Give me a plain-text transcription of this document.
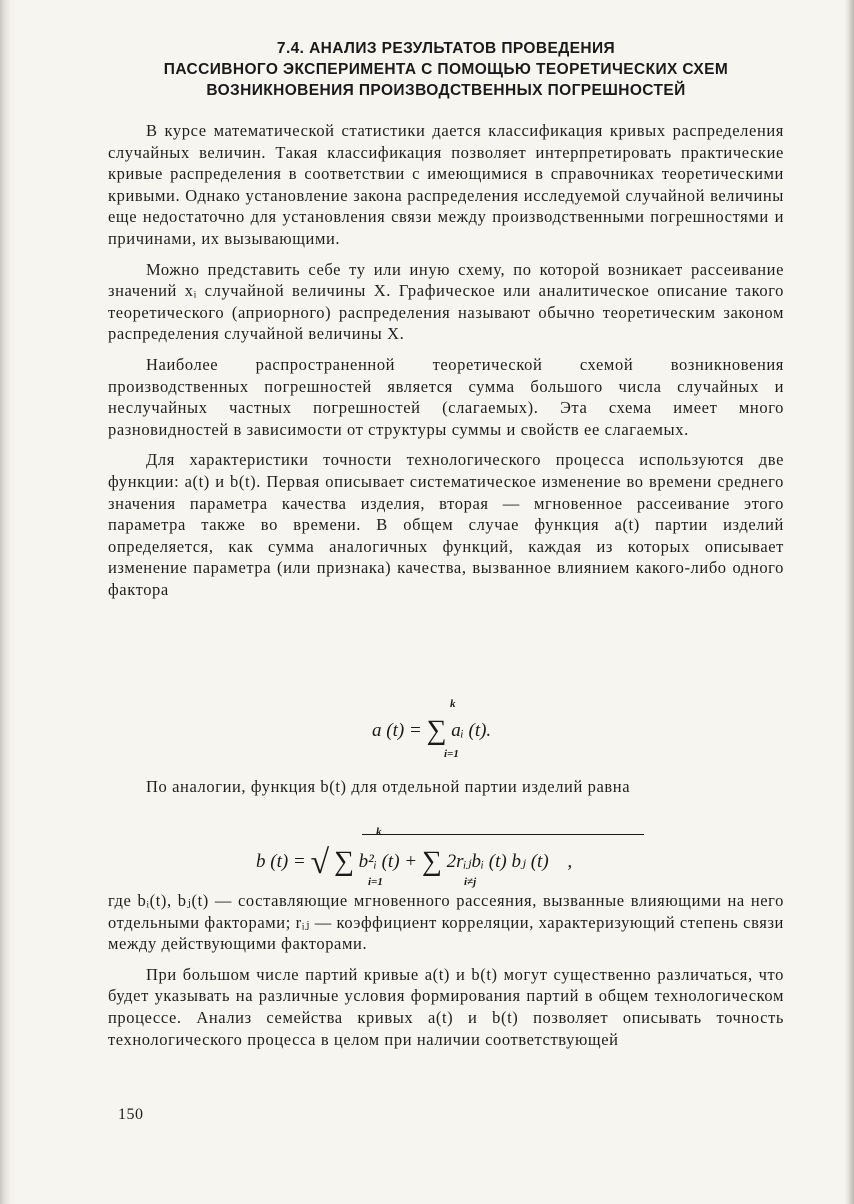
7.4. АНАЛИЗ РЕЗУЛЬТАТОВ ПРОВЕДЕНИЯ
ПАССИВНОГО ЭКСПЕРИМЕНТА С ПОМОЩЬЮ ТЕОРЕТИЧЕСКИХ СХЕМ
ВОЗНИКНОВЕНИЯ ПРОИЗВОДСТВЕННЫХ ПОГРЕШНОСТЕЙ

В курсе математической статистики дается классификация кривых распределения случайных величин. Такая классификация позволяет интерпретировать практические кривые распределения в соответствии с имеющимися в справочниках теоретическими кривыми. Однако установление закона распределения исследуемой случайной величины еще недостаточно для установления связи между производственными погрешностями и причинами, их вызывающими.

Можно представить себе ту или иную схему, по которой возникает рассеивание значений xᵢ случайной величины X. Графическое или аналитическое описание такого теоретического (априорного) распределения называют обычно теоретическим законом распределения случайной величины X.

Наиболее распространенной теоретической схемой возникновения производственных погрешностей является сумма большого числа случайных и неслучайных частных погрешностей (слагаемых). Эта схема имеет много разновидностей в зависимости от структуры суммы и свойств ее слагаемых.

Для характеристики точности технологического процесса используются две функции: a(t) и b(t). Первая описывает систематическое изменение во времени среднего значения параметра качества изделия, вторая — мгновенное рассеивание этого параметра также во времени. В общем случае функция a(t) партии изделий определяется, как сумма аналогичных функций, каждая из которых описывает изменение параметра (или признака) качества, вызванное влиянием какого-либо одного фактора

a (t) = ∑ aᵢ (t).
k
i=1

По аналогии, функция b(t) для отдельной партии изделий равна

b (t) = √ ∑ b²ᵢ (t) + ∑ 2rᵢⱼbᵢ (t) bⱼ (t) ,
k
i=1	i≠j

где bᵢ(t), bⱼ(t) — составляющие мгновенного рассеяния, вызванные влияющими на него отдельными факторами; rᵢⱼ — коэффициент корреляции, характеризующий степень связи между действующими факторами.

При большом числе партий кривые a(t) и b(t) могут существенно различаться, что будет указывать на различные условия формирования партий в общем технологическом процессе. Анализ семейства кривых a(t) и b(t) позволяет описывать точность технологического процесса в целом при наличии соответствующей

150
